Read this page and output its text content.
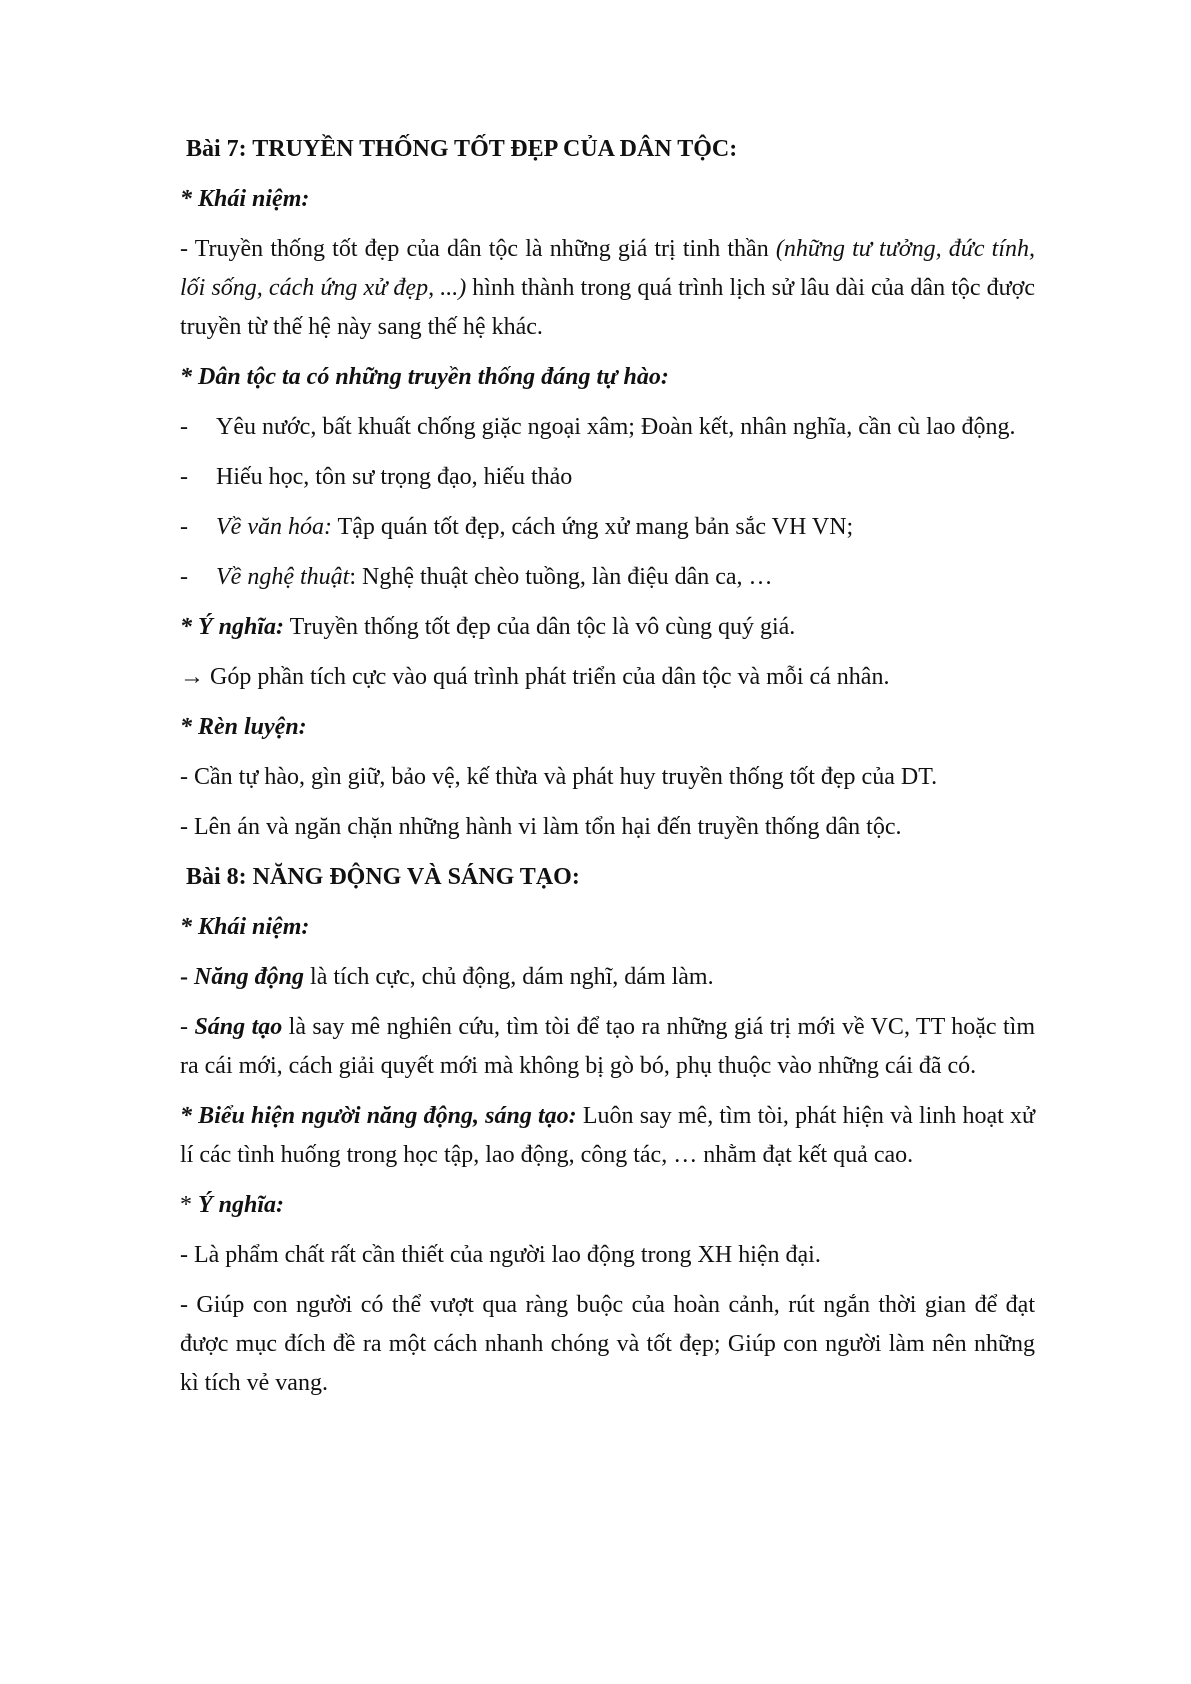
Bài 7: TRUYỀN THỐNG TỐT ĐẸP CỦA DÂN TỘC:

* Khái niệm:

- Truyền thống tốt đẹp của dân tộc là những giá trị tinh thần (những tư tưởng, đức tính, lối sống, cách ứng xử đẹp, ...) hình thành trong quá trình lịch sử lâu dài của dân tộc được truyền từ thế hệ này sang thế hệ khác.

* Dân tộc ta có những truyền thống đáng tự hào:

-	Yêu nước, bất khuất chống giặc ngoại xâm; Đoàn kết, nhân nghĩa, cần cù lao động.
-	Hiếu học, tôn sư trọng đạo, hiếu thảo
-	Về văn hóa: Tập quán tốt đẹp, cách ứng xử mang bản sắc VH VN;
-	Về nghệ thuật: Nghệ thuật chèo tuồng, làn điệu dân ca, …

* Ý nghĩa: Truyền thống tốt đẹp của dân tộc là vô cùng quý giá.

→ Góp phần tích cực vào quá trình phát triển của dân tộc và mỗi cá nhân.

* Rèn luyện:

- Cần tự hào, gìn giữ, bảo vệ, kế thừa và phát huy truyền thống tốt đẹp của DT.

- Lên án và ngăn chặn những hành vi làm tổn hại đến truyền thống dân tộc.

Bài 8: NĂNG ĐỘNG VÀ SÁNG TẠO:

* Khái niệm:

- Năng động là tích cực, chủ động, dám nghĩ, dám làm.

- Sáng tạo là say mê nghiên cứu, tìm tòi để tạo ra những giá trị mới về VC, TT hoặc tìm ra cái mới, cách giải quyết mới mà không bị gò bó, phụ thuộc vào những cái đã có.

* Biểu hiện người năng động, sáng tạo: Luôn say mê, tìm tòi, phát hiện và linh hoạt xử lí các tình huống trong học tập, lao động, công tác, … nhằm đạt kết quả cao.

* Ý nghĩa:

- Là phẩm chất rất cần thiết của người lao động trong XH hiện đại.

- Giúp con người có thể vượt qua ràng buộc của hoàn cảnh, rút ngắn thời gian để đạt được mục đích đề ra một cách nhanh chóng và tốt đẹp; Giúp con người làm nên những kì tích vẻ vang.
